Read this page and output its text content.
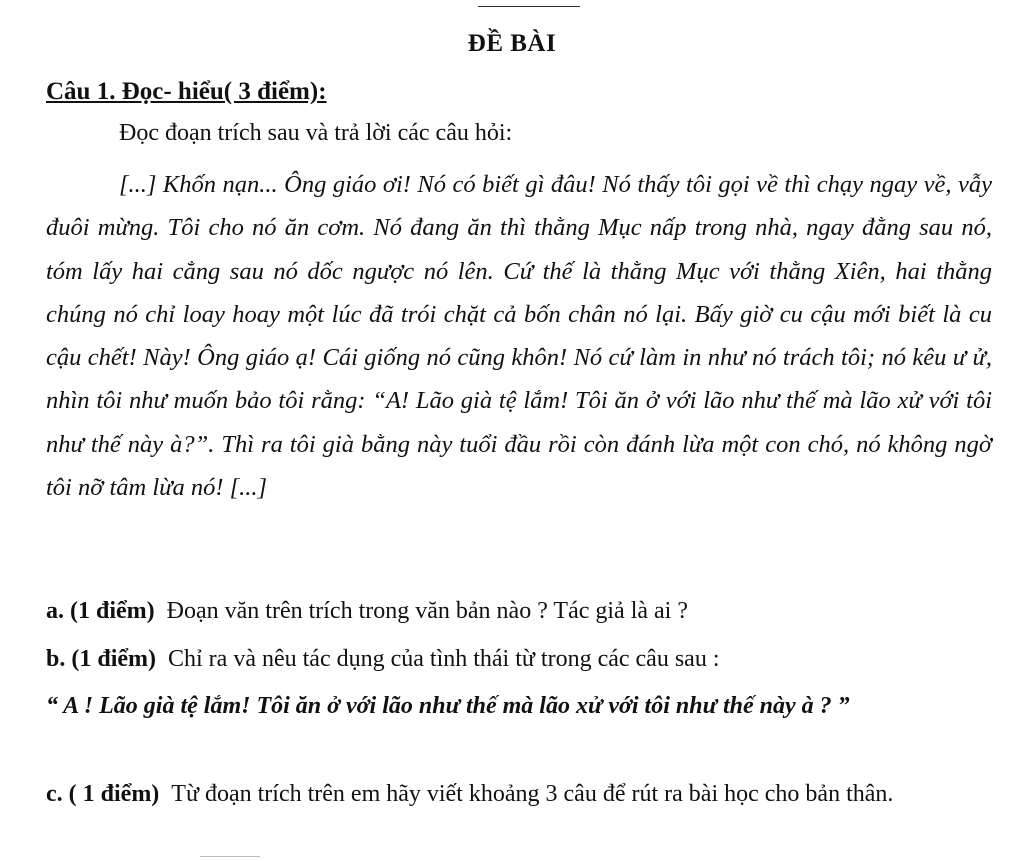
ĐỀ BÀI
Câu 1. Đọc- hiểu( 3 điểm):
Đọc đoạn trích sau và trả lời các câu hỏi:
[...] Khốn nạn... Ông giáo ơi! Nó có biết gì đâu! Nó thấy tôi gọi về thì chạy ngay về, vẫy đuôi mừng. Tôi cho nó ăn cơm. Nó đang ăn thì thằng Mục nấp trong nhà, ngay đằng sau nó, tóm lấy hai cẳng sau nó dốc ngược nó lên. Cứ thế là thằng Mục với thằng Xiên, hai thằng chúng nó chỉ loay hoay một lúc đã trói chặt cả bốn chân nó lại. Bấy giờ cu cậu mới biết là cu cậu chết! Này! Ông giáo ạ! Cái giống nó cũng khôn! Nó cứ làm in như nó trách tôi; nó kêu ư ử, nhìn tôi như muốn bảo tôi rằng: “A! Lão già tệ lắm! Tôi ăn ở với lão như thế mà lão xử với tôi như thế này à?”. Thì ra tôi già bằng này tuổi đầu rồi còn đánh lừa một con chó, nó không ngờ tôi nỡ tâm lừa nó! [...]
a. (1 điểm) Đoạn văn trên trích trong văn bản nào ? Tác giả là ai ?
b. (1 điểm) Chỉ ra và nêu tác dụng của tình thái từ trong các câu sau :
“ A ! Lão già tệ lắm! Tôi ăn ở với lão như thế mà lão xử với tôi như thế này à ? ”
c. ( 1 điểm) Từ đoạn trích trên em hãy viết khoảng 3 câu để rút ra bài học cho bản thân.
